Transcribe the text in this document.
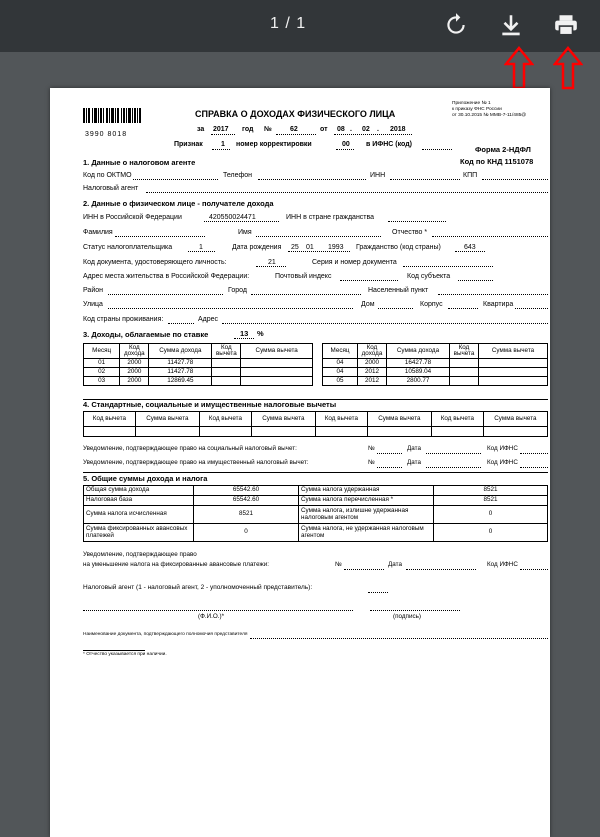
1 / 1
3990 8018
Приложение № 1
к приказу ФНС России
от 30.10.2015 № ММВ-7-11/485@
СПРАВКА О ДОХОДАХ ФИЗИЧЕСКОГО ЛИЦА
за 2017 год №	62	от 08 . 02 . 2018
Признак	1 номер корректировки	00 в ИФНС (код)
Форма 2-НДФЛ
Код по КНД 1151078
1. Данные о налоговом агенте
Код по ОКТМО	Телефон	ИНН	КПП
Налоговый агент
2. Данные о физическом лице - получателе дохода
ИНН в Российской Федерации	420550024471	ИНН в стране гражданства
Фамилия	Имя	Отчество *
Статус налогоплательщика	1	Дата рождения 25 01 1993 Гражданство (код страны)	643
Код документа, удостоверяющего личность:	21	Серия и номер документа
Адрес места жительства в Российской Федерации:	Почтовый индекс	Код субъекта
Район	Город	Населенный пункт
Улица	Дом	Корпус	Квартира
Код страны проживания:	Адрес
3. Доходы, облагаемые по ставке	13 %
Месяц	Код дохода	Сумма дохода	Код вычета	Сумма вычета
01	2000	11427.78		
02	2000	11427.78		
03	2000	12869.45		
Месяц	Код дохода	Сумма дохода	Код вычета	Сумма вычета
04	2000	16427.78		
04	2012	10589.04		
05	2012	2800.77		
4. Стандартные, социальные и имущественные налоговые вычеты
Код вычета	Сумма вычета	Код вычета	Сумма вычета	Код вычета	Сумма вычета	Код вычета	Сумма вычета

Уведомление, подтверждающее право на социальный налоговый вычет:	№	Дата	Код ИФНС
Уведомление, подтверждающее право на имущественный налоговый вычет:	№	Дата	Код ИФНС
5. Общие суммы дохода и налога
Общая сумма дохода	65542.60	Сумма налога удержанная	8521
Налоговая база	65542.60	Сумма налога перечисленная *	8521
Сумма налога исчисленная	8521	Сумма налога, излишне удержанная налоговым агентом	0
Сумма фиксированных авансовых платежей	0	Сумма налога, не удержанная налоговым агентом	0
Уведомление, подтверждающее право
на уменьшение налога на фиксированные авансовые платежи:	№	Дата	Код ИФНС
Налоговый агент (1 - налоговый агент, 2 - уполномоченный представитель):
(Ф.И.О.)*	(подпись)
Наименование документа, подтверждающего полномочия представителя
* Отчество указывается при наличии.
